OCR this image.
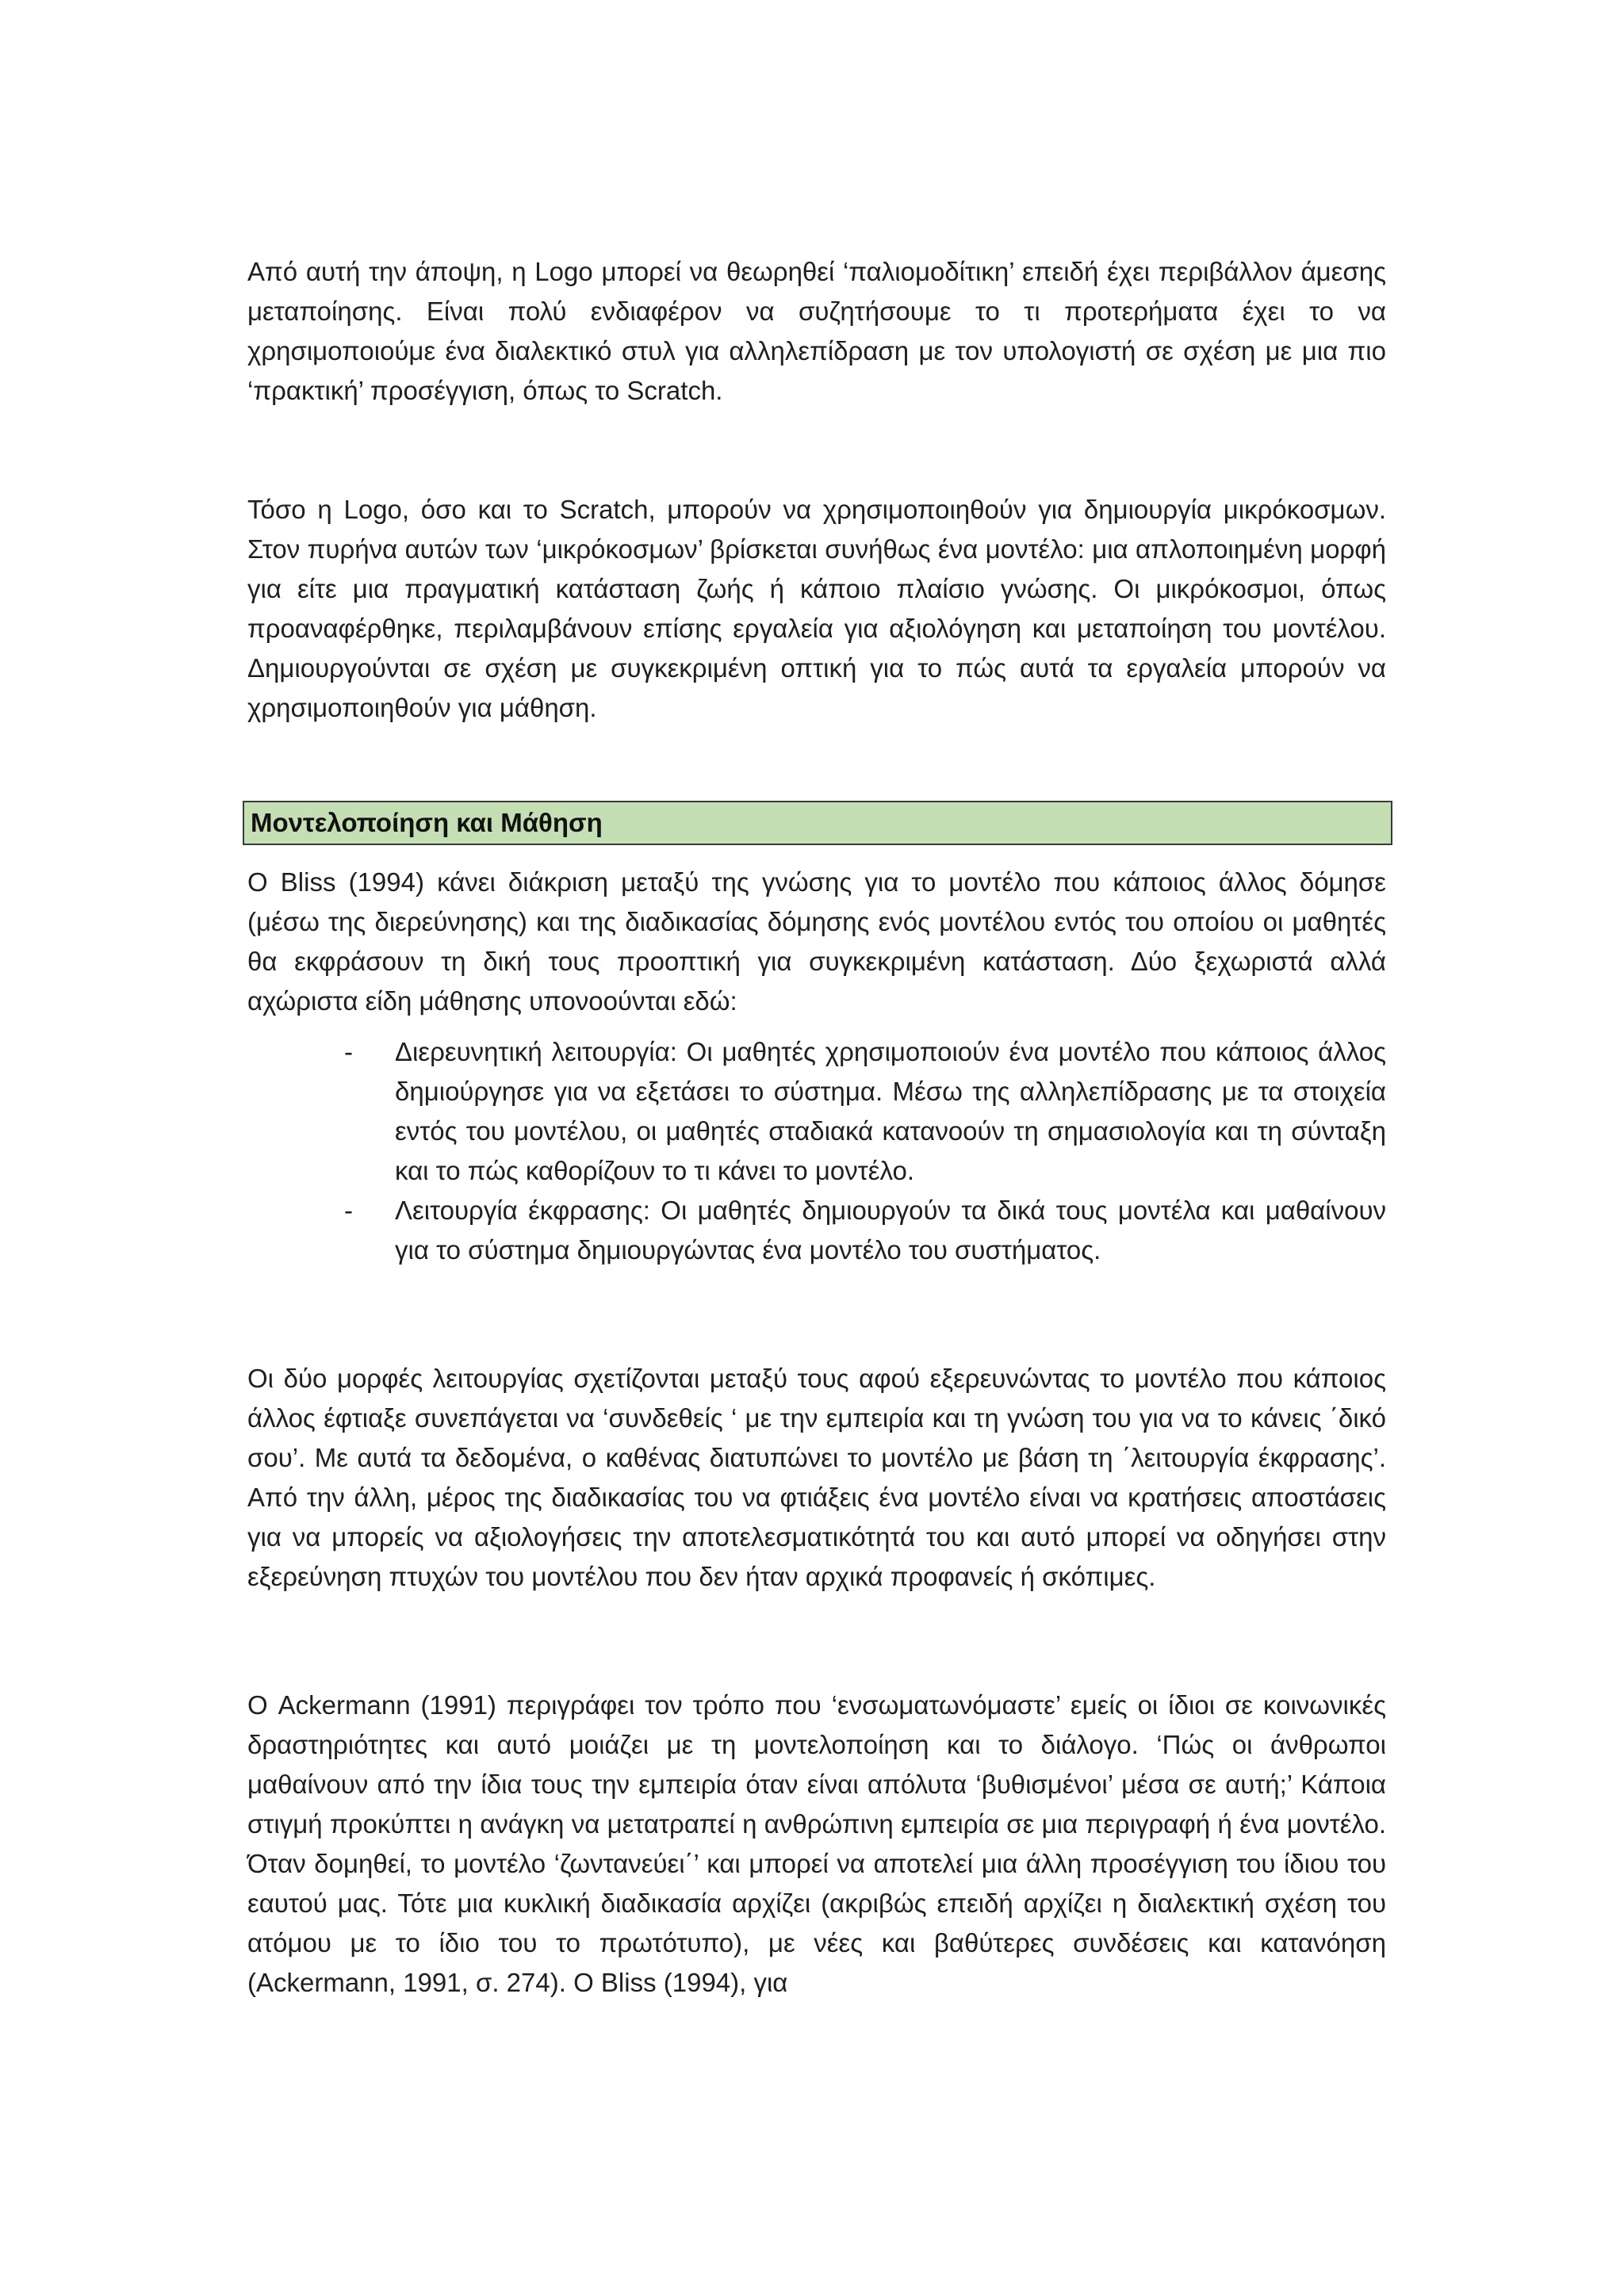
Από αυτή την άποψη, η Logo μπορεί να θεωρηθεί ‘παλιομοδίτικη’ επειδή έχει περιβάλλον άμεσης μεταποίησης. Είναι πολύ ενδιαφέρον να συζητήσουμε το τι προτερήματα έχει το να χρησιμοποιούμε ένα διαλεκτικό στυλ για αλληλεπίδραση με τον υπολογιστή σε σχέση με μια πιο ‘πρακτική’ προσέγγιση, όπως το Scratch.

Τόσο η Logo, όσο και το Scratch, μπορούν να χρησιμοποιηθούν για δημιουργία μικρόκοσμων. Στον πυρήνα αυτών των ‘μικρόκοσμων’ βρίσκεται συνήθως ένα μοντέλο: μια απλοποιημένη μορφή για είτε μια πραγματική κατάσταση ζωής ή κάποιο πλαίσιο γνώσης. Οι μικρόκοσμοι, όπως προαναφέρθηκε, περιλαμβάνουν επίσης εργαλεία για αξιολόγηση και μεταποίηση του μοντέλου. Δημιουργούνται σε σχέση με συγκεκριμένη οπτική για το πώς αυτά τα εργαλεία μπορούν να χρησιμοποιηθούν για μάθηση.

Μοντελοποίηση και Μάθηση

Ο Bliss (1994) κάνει διάκριση μεταξύ της γνώσης για το μοντέλο που κάποιος άλλος δόμησε (μέσω της διερεύνησης) και της διαδικασίας δόμησης ενός μοντέλου εντός του οποίου οι μαθητές θα εκφράσουν τη δική τους προοπτική για συγκεκριμένη κατάσταση. Δύο ξεχωριστά αλλά αχώριστα είδη μάθησης υπονοούνται εδώ:

- Διερευνητική λειτουργία: Οι μαθητές χρησιμοποιούν ένα μοντέλο που κάποιος άλλος δημιούργησε για να εξετάσει το σύστημα. Μέσω της αλληλεπίδρασης με τα στοιχεία εντός του μοντέλου, οι μαθητές σταδιακά κατανοούν τη σημασιολογία και τη σύνταξη και το πώς καθορίζουν το τι κάνει το μοντέλο.
- Λειτουργία έκφρασης: Οι μαθητές δημιουργούν τα δικά τους μοντέλα και μαθαίνουν για το σύστημα δημιουργώντας ένα μοντέλο του συστήματος.

Οι δύο μορφές λειτουργίας σχετίζονται μεταξύ τους αφού εξερευνώντας το μοντέλο που κάποιος άλλος έφτιαξε συνεπάγεται να ‘συνδεθείς ‘ με την εμπειρία και τη γνώση του για να το κάνεις ΄δικό σου’. Με αυτά τα δεδομένα, ο καθένας διατυπώνει το μοντέλο με βάση τη ΄λειτουργία έκφρασης’. Από την άλλη, μέρος της διαδικασίας του να φτιάξεις ένα μοντέλο είναι να κρατήσεις αποστάσεις για να μπορείς να αξιολογήσεις την αποτελεσματικότητά του και αυτό μπορεί να οδηγήσει στην εξερεύνηση πτυχών του μοντέλου που δεν ήταν αρχικά προφανείς ή σκόπιμες.

Ο Ackermann (1991) περιγράφει τον τρόπο που ‘ενσωματωνόμαστε’ εμείς οι ίδιοι σε κοινωνικές δραστηριότητες και αυτό μοιάζει με τη μοντελοποίηση και το διάλογο. ‘Πώς οι άνθρωποι μαθαίνουν από την ίδια τους την εμπειρία όταν είναι απόλυτα ‘βυθισμένοι’ μέσα σε αυτή;’ Κάποια στιγμή προκύπτει η ανάγκη να μετατραπεί η ανθρώπινη εμπειρία σε μια περιγραφή ή ένα μοντέλο. Όταν δομηθεί, το μοντέλο ‘ζωντανεύει΄’ και μπορεί να αποτελεί μια άλλη προσέγγιση του ίδιου του εαυτού μας. Τότε μια κυκλική διαδικασία αρχίζει (ακριβώς επειδή αρχίζει η διαλεκτική σχέση του ατόμου με το ίδιο του το πρωτότυπο), με νέες και βαθύτερες συνδέσεις και κατανόηση (Ackermann, 1991, σ. 274). Ο Bliss (1994), για
